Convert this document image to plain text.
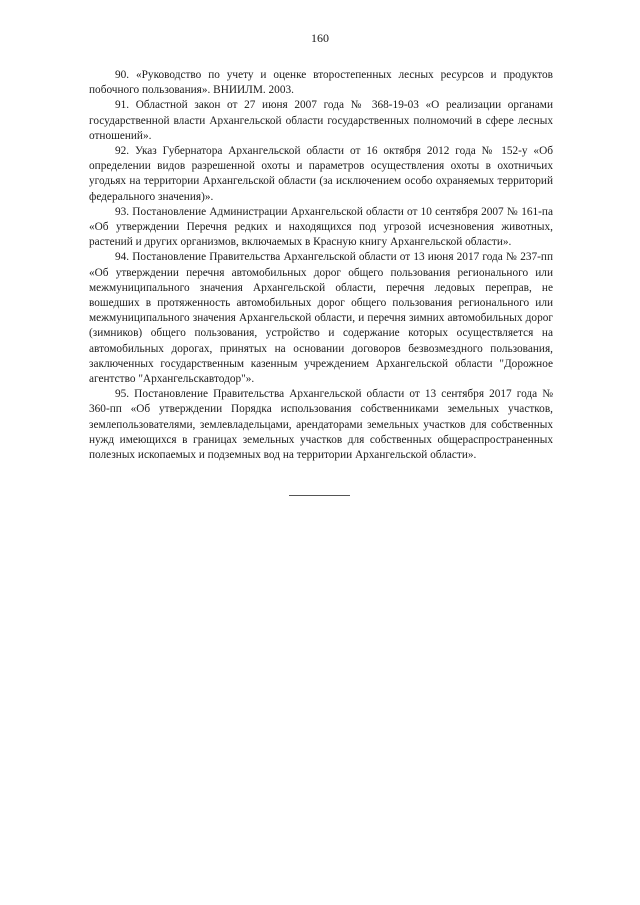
160

90. «Руководство по учету и оценке второстепенных лесных ресурсов и продуктов побочного пользования». ВНИИЛМ. 2003.

91. Областной закон от 27 июня 2007 года № 368-19-03 «О реализации органами государственной власти Архангельской области государственных полномочий в сфере лесных отношений».

92. Указ Губернатора Архангельской области от 16 октября 2012 года № 152-у «Об определении видов разрешенной охоты и параметров осуществления охоты в охотничьих угодьях на территории Архангельской области (за исключением особо охраняемых территорий федерального значения)».

93. Постановление Администрации Архангельской области от 10 сентября 2007 № 161-па «Об утверждении Перечня редких и находящихся под угрозой исчезновения животных, растений и других организмов, включаемых в Красную книгу Архангельской области».

94. Постановление Правительства Архангельской области от 13 июня 2017 года № 237-пп «Об утверждении перечня автомобильных дорог общего пользования регионального или межмуниципального значения Архангельской области, перечня ледовых переправ, не вошедших в протяженность автомобильных дорог общего пользования регионального или межмуниципального значения Архангельской области, и перечня зимних автомобильных дорог (зимников) общего пользования, устройство и содержание которых осуществляется на автомобильных дорогах, принятых на основании договоров безвозмездного пользования, заключенных государственным казенным учреждением Архангельской области "Дорожное агентство "Архангельскавтодор"».

95. Постановление Правительства Архангельской области от 13 сентября 2017 года № 360-пп «Об утверждении Порядка использования собственниками земельных участков, землепользователями, землевладельцами, арендаторами земельных участков для собственных нужд имеющихся в границах земельных участков для собственных общераспространенных полезных ископаемых и подземных вод на территории Архангельской области».
